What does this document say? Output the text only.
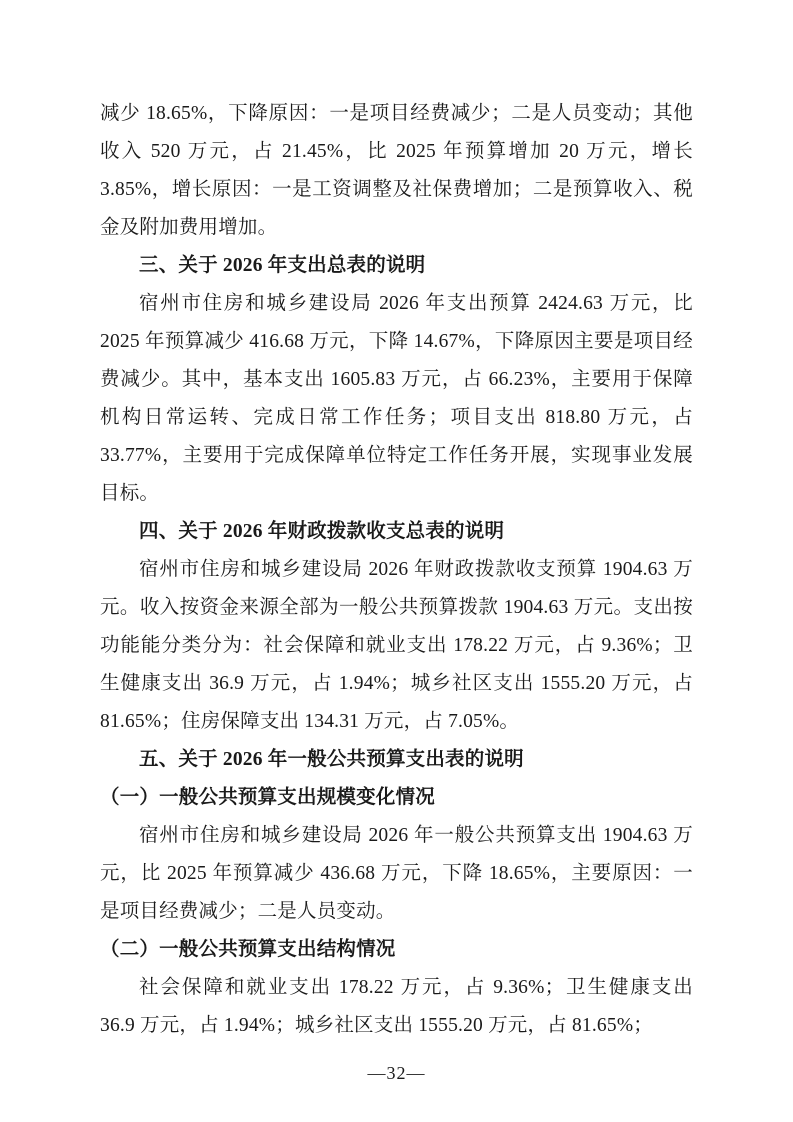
减少 18.65%，下降原因：一是项目经费减少；二是人员变动；其他收入 520 万元，占 21.45%，比 2025 年预算增加 20 万元，增长 3.85%，增长原因：一是工资调整及社保费增加；二是预算收入、税金及附加费用增加。

三、关于 2026 年支出总表的说明

宿州市住房和城乡建设局 2026 年支出预算 2424.63 万元，比 2025 年预算减少 416.68 万元，下降 14.67%，下降原因主要是项目经费减少。其中，基本支出 1605.83 万元，占 66.23%，主要用于保障机构日常运转、完成日常工作任务；项目支出 818.80 万元，占 33.77%，主要用于完成保障单位特定工作任务开展，实现事业发展目标。

四、关于 2026 年财政拨款收支总表的说明

宿州市住房和城乡建设局 2026 年财政拨款收支预算 1904.63 万元。收入按资金来源全部为一般公共预算拨款 1904.63 万元。支出按功能能分类分为：社会保障和就业支出 178.22 万元，占 9.36%；卫生健康支出 36.9 万元，占 1.94%；城乡社区支出 1555.20 万元，占 81.65%；住房保障支出 134.31 万元，占 7.05%。

五、关于 2026 年一般公共预算支出表的说明

（一）一般公共预算支出规模变化情况

宿州市住房和城乡建设局 2026 年一般公共预算支出 1904.63 万元，比 2025 年预算减少 436.68 万元，下降 18.65%，主要原因：一是项目经费减少；二是人员变动。

（二）一般公共预算支出结构情况

社会保障和就业支出 178.22 万元，占 9.36%；卫生健康支出 36.9 万元，占 1.94%；城乡社区支出 1555.20 万元，占 81.65%；

—32—
